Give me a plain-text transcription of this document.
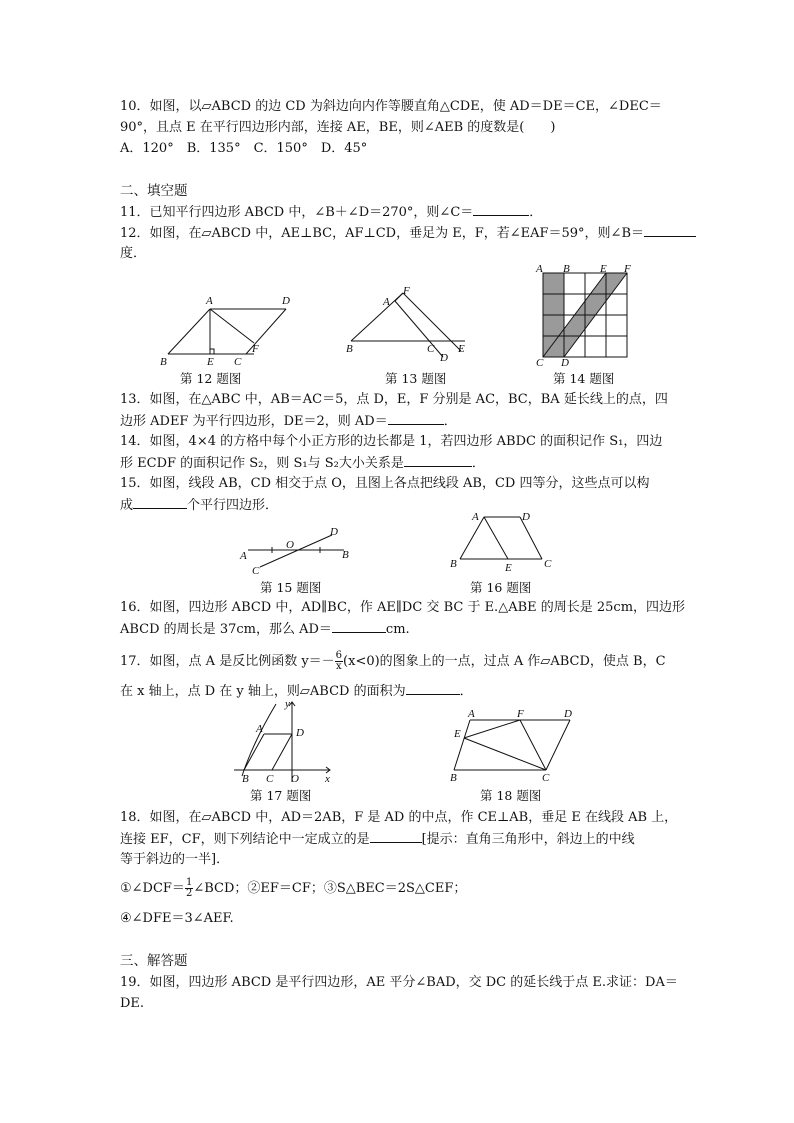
10．如图，以▱ABCD 的边 CD 为斜边向内作等腰直角△CDE，使 AD＝DE＝CE，∠DEC＝
90°，且点 E 在平行四边形内部，连接 AE，BE，则∠AEB 的度数是(　　)
A．120°　B．135°　C．150°　D．45°
二、填空题
11．已知平行四边形 ABCD 中，∠B＋∠D＝270°，则∠C＝	．
12．如图，在▱ABCD 中，AE⊥BC，AF⊥CD，垂足为 E，F，若∠EAF＝59°，则∠B＝
度．
A	D
B	E C
F
第 12 题图
A
F
B	C
D
E
第 13 题图
A B	E F
C D
第 14 题图
13．如图，在△ABC 中，AB＝AC＝5，点 D，E，F 分别是 AC，BC，BA 延长线上的点，四
边形 ADEF 为平行四边形，DE＝2，则 AD＝	．
14．如图，4×4 的方格中每个小正方形的边长都是 1，若四边形 ABDC 的面积记作 S₁，四边
形 ECDF 的面积记作 S₂，则 S₁与 S₂大小关系是	．
15．如图，线段 AB，CD 相交于点 O，且图上各点把线段 AB，CD 四等分，这些点可以构
成	个平行四边形．
A
O
B
C
D
第 15 题图
A	D
B	E	C
第 16 题图
16．如图，四边形 ABCD 中，AD∥BC，作 AE∥DC 交 BC 于 E.△ABE 的周长是 25cm，四边形
ABCD 的周长是 37cm，那么 AD＝	cm.
17．如图，点 A 是反比例函数 $y=- \frac{6}{x} (x<0)$的图象上的一点，过点 A 作▱ABCD，使点 B，C
在 x 轴上，点 D 在 y 轴上，则▱ABCD 的面积为	．
y
A	D
B C O x
第 17 题图
A	F	D
E
B	C
第 18 题图
18．如图，在▱ABCD 中，AD＝2AB，F 是 AD 的中点，作 CE⊥AB，垂足 E 在线段 AB 上，
连接 EF，CF，则下列结论中一定成立的是	[提示：直角三角形中，斜边上的中线
等于斜边的一半]．
①∠DCF＝ $\frac{1}{2}$ ∠BCD；②EF＝CF；③S△BEC＝2S△CEF；
④∠DFE＝3∠AEF.
三、解答题
19．如图，四边形 ABCD 是平行四边形，AE 平分∠BAD，交 DC 的延长线于点 E.求证：DA＝
DE.
